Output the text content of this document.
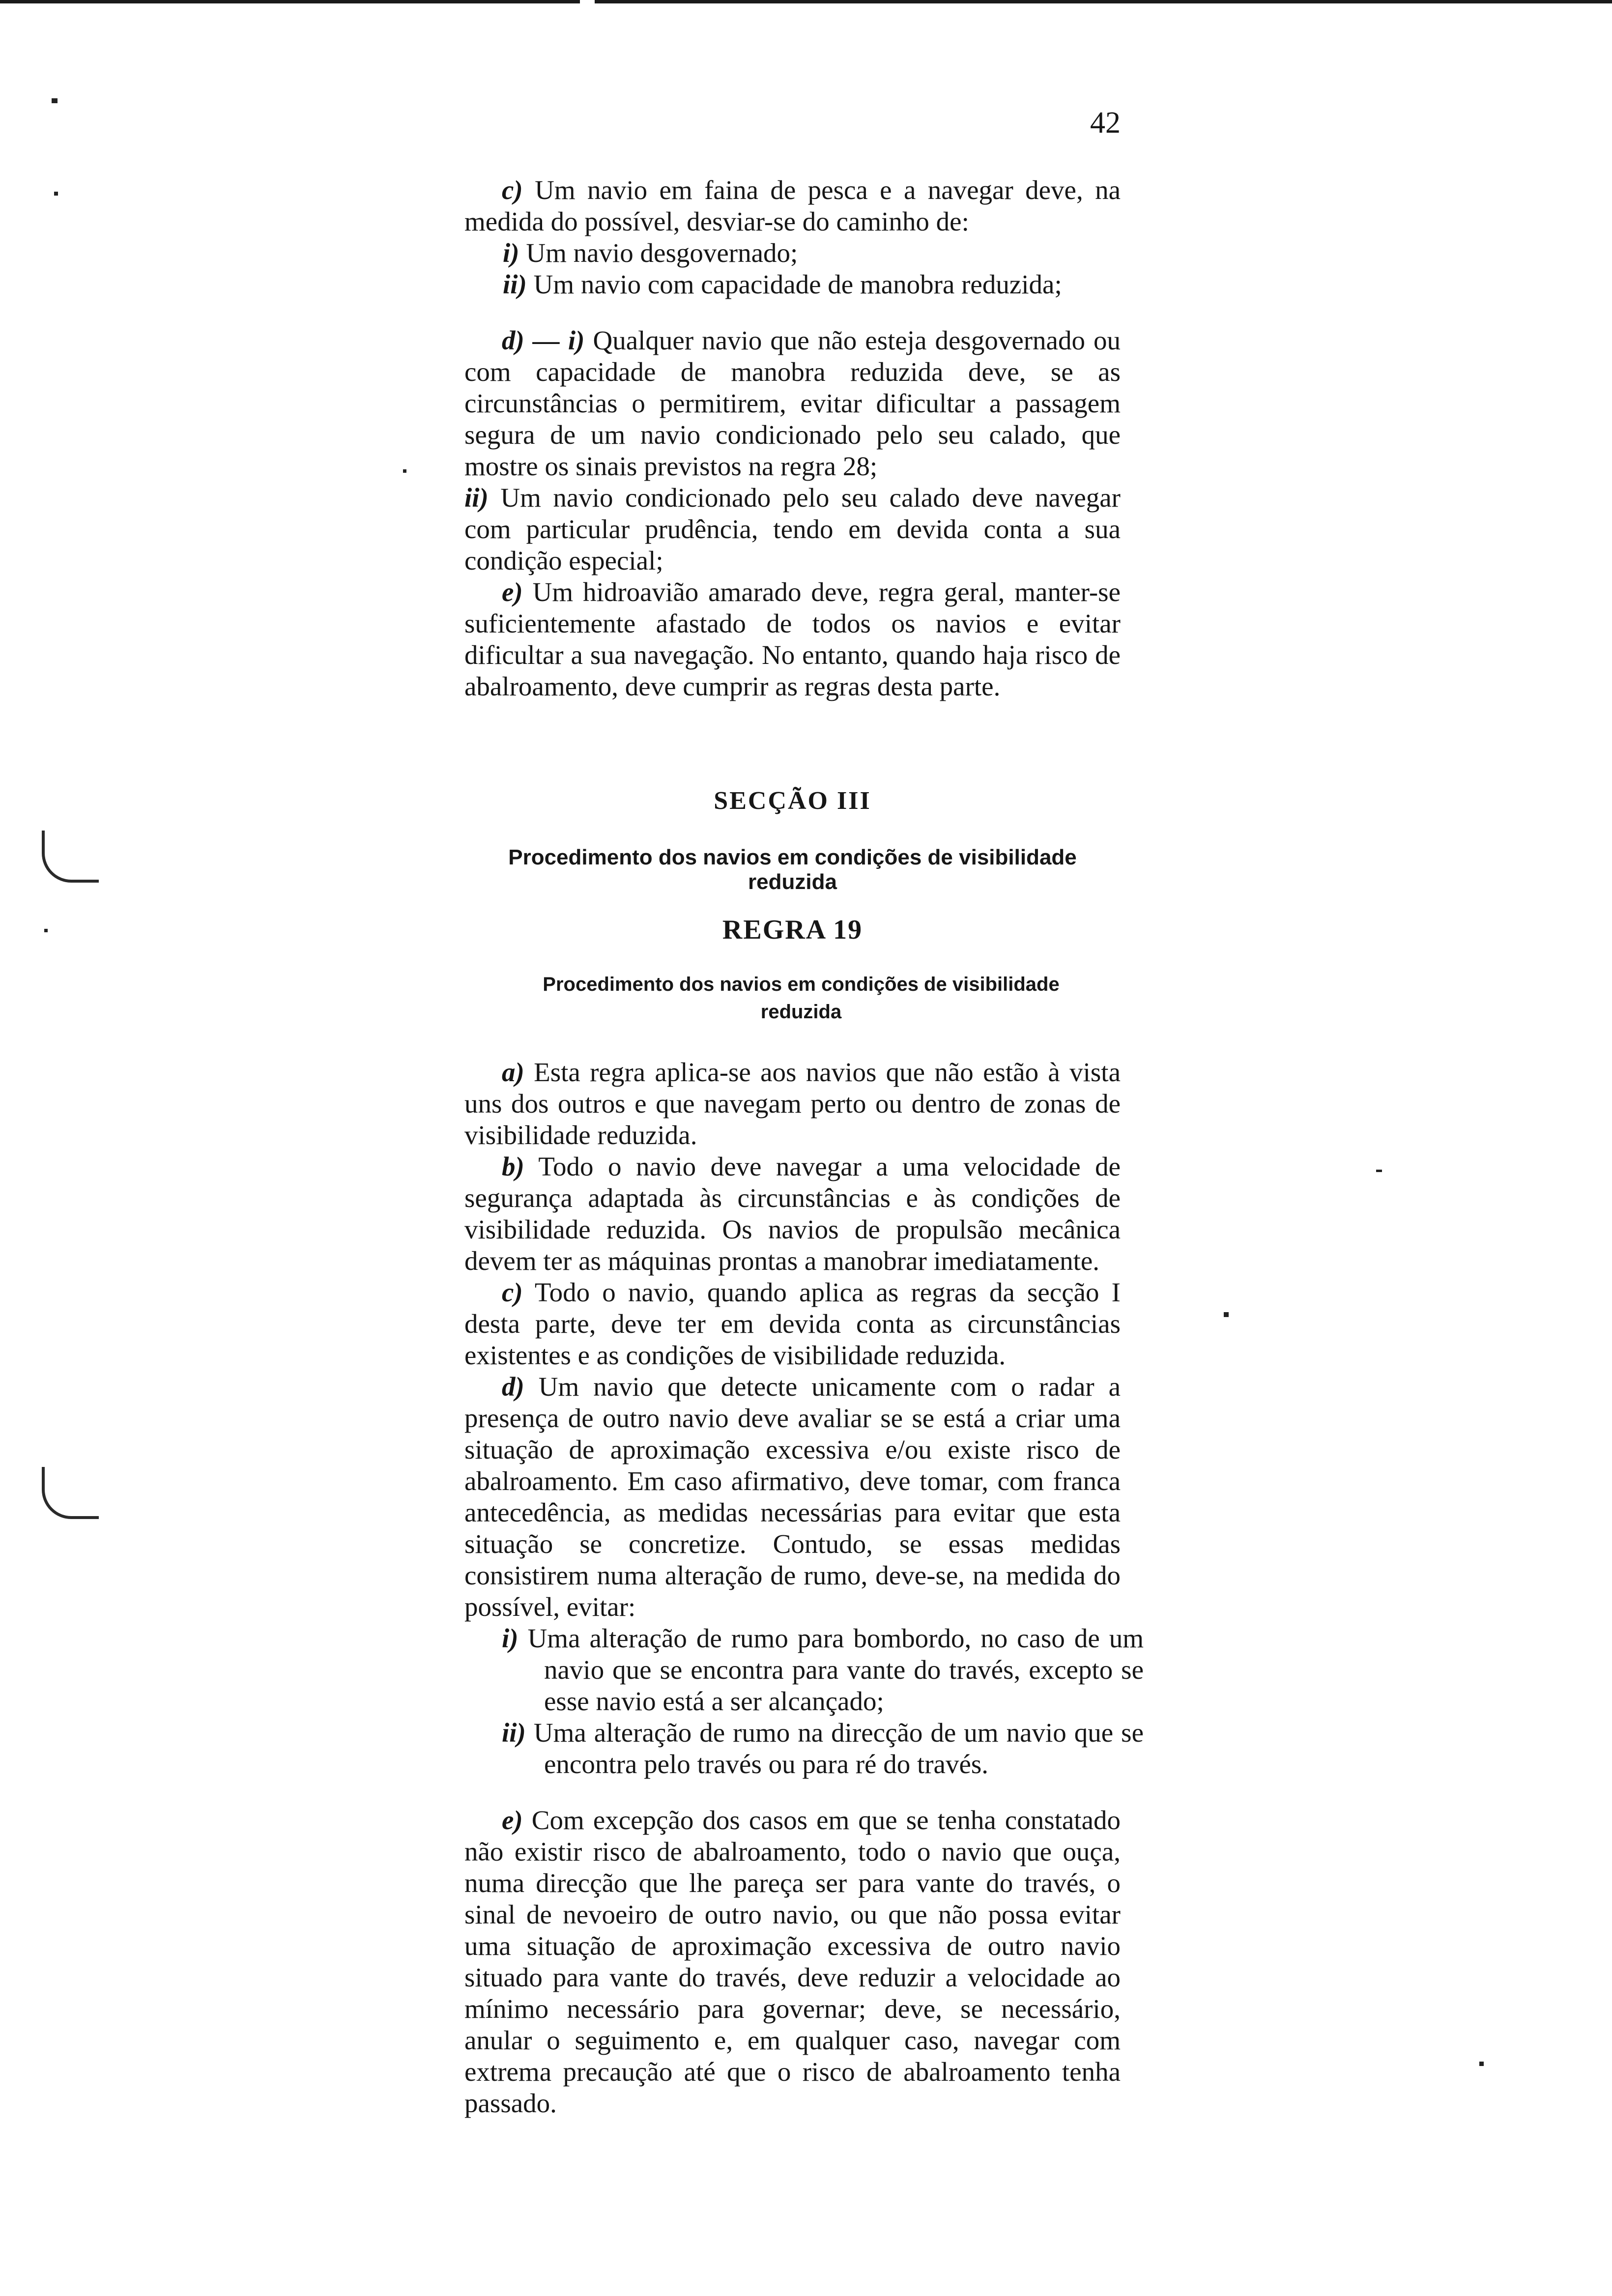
42

c) Um navio em faina de pesca e a navegar deve, na medida do possível, desviar-se do caminho de:

i) Um navio desgovernado;

ii) Um navio com capacidade de manobra reduzida;

d) — i) Qualquer navio que não esteja desgovernado ou com capacidade de manobra reduzida deve, se as circunstâncias o permitirem, evitar dificultar a passagem segura de um navio condicionado pelo seu calado, que mostre os sinais previstos na regra 28;

ii) Um navio condicionado pelo seu calado deve navegar com particular prudência, tendo em devida conta a sua condição especial;

e) Um hidroavião amarado deve, regra geral, manter-se suficientemente afastado de todos os navios e evitar dificultar a sua navegação. No entanto, quando haja risco de abalroamento, deve cumprir as regras desta parte.

SECÇÃO III
Procedimento dos navios em condições de visibilidade reduzida
REGRA 19
Procedimento dos navios em condições de visibilidade reduzida

a) Esta regra aplica-se aos navios que não estão à vista uns dos outros e que navegam perto ou dentro de zonas de visibilidade reduzida.

b) Todo o navio deve navegar a uma velocidade de segurança adaptada às circunstâncias e às condições de visibilidade reduzida. Os navios de propulsão mecânica devem ter as máquinas prontas a manobrar imediatamente.

c) Todo o navio, quando aplica as regras da secção I desta parte, deve ter em devida conta as circunstâncias existentes e as condições de visibilidade reduzida.

d) Um navio que detecte unicamente com o radar a presença de outro navio deve avaliar se se está a criar uma situação de aproximação excessiva e/ou existe risco de abalroamento. Em caso afirmativo, deve tomar, com franca antecedência, as medidas necessárias para evitar que esta situação se concretize. Contudo, se essas medidas consistirem numa alteração de rumo, deve-se, na medida do possível, evitar:

i) Uma alteração de rumo para bombordo, no caso de um navio que se encontra para vante do través, excepto se esse navio está a ser alcançado;

ii) Uma alteração de rumo na direcção de um navio que se encontra pelo través ou para ré do través.

e) Com excepção dos casos em que se tenha constatado não existir risco de abalroamento, todo o navio que ouça, numa direcção que lhe pareça ser para vante do través, o sinal de nevoeiro de outro navio, ou que não possa evitar uma situação de aproximação excessiva de outro navio situado para vante do través, deve reduzir a velocidade ao mínimo necessário para governar; deve, se necessário, anular o seguimento e, em qualquer caso, navegar com extrema precaução até que o risco de abalroamento tenha passado.
